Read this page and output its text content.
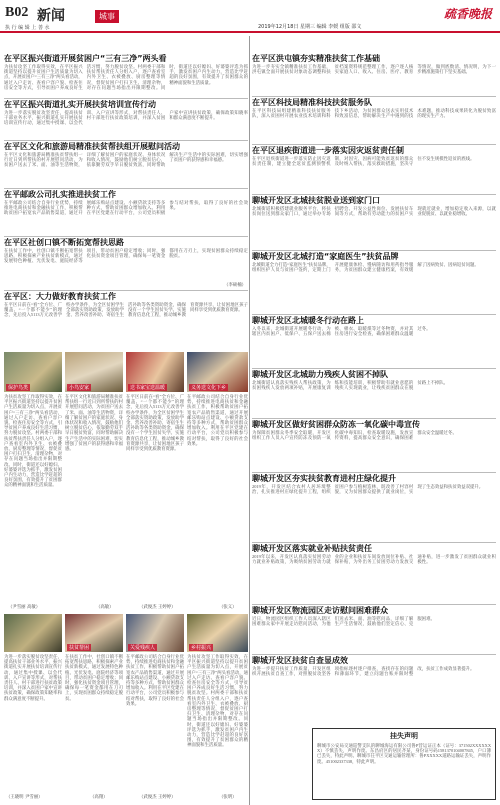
B02 新闻	城事
执 行 编 辑 上 善 水	2019年12月18日 星期三 编辑 李媛 组版 邵文
疏香晚报
在平区振兴街道开展贫困户“三有三净”两头看
为扶贫攻坚工作取得实效，在平区振兴街道坚持以提升贫困户生活质量为切入点，开展贫困户“三有三净”两头看活动，通过入户走访、查看户容户貌、检查住房安全等方式，引导贫困户养成良好生活习惯，努力脱贫攻坚。村两委干部和扶贫帮扶责任人分组入户，逐户查看室内外卫生、衣被叠放、厨房整理等情况，督促贫困户打扫卫生、清理杂物，对存在问题当场指出并限期整改。同时，街道还以好媳妇、好婆婆评选为抓手，激发贫困户内生动力，营造比学赶超的良好氛围，有效提升了贫困群众的精神面貌和生活质量。
在平区振兴街道扎实开展扶贫培训宣传行动
为进一步落实脱贫攻坚责任，提高扶贫干部业务水平，振兴街道扎实开展扶贫培训宣传行动，通过集中授课、以会代训、入户宣讲等形式，对帮扶责任人、村干部进行扶贫政策培训，并深入贫困户家中宣讲扶贫政策，确保政策知晓率和群众满意度不断提升。
在平区文化和旅游局精准扶贫帮扶组开展慰问活动
在平区文化和旅游局精准扶贫帮扶组一行近日到所帮扶的村开展慰问活动，为贫困户送去了米、面、油等生活物资，详细了解贫困户的家庭状况、身体状况和收入情况，鼓励他们树立脱贫信心，依靠勤劳双手早日脱贫致富，同时帮助解决生产生活中的实际困难，切实增强了贫困户的获得感和幸福感。
在平邮政公司扎实推进扶贫工作
在平邮政公司结合自身行业优势，持续推进电商扶贫和金融扶贫工作，积极帮助贫困户拓宽农产品销售渠道，通过开展邮乐购站点建设、小额贷款支持等多种方式，帮助贫困群众增加收入。利用在平区党建在行动平台，公司党员积极参与结对帮扶，取得了良好的社会效果。
在平区社创口镇不断拓宽帮扶思路
在扶贫工作中，社创口镇不断拓宽帮扶思路，积极探索产业扶贫新模式，通过发展特色种植、光伏发电、庭院经济等项目，带动贫困户稳定增收；同时，强化扶贫资金项目管理，确保每一笔资金都用在刀刃上，实现贫困群众持续稳定脱贫。
（李硕楠）
在平区：大力做好教育扶贫工作
在平区日前在“看”全方位、广覆盖、“一个都不能少”的理念，先后投入5113万元改善学校办学条件，为全区贫困学生全部落实资助政策，发放助学金、营养改善补助、寄宿生生活补助等各类资助资金，确保没有一个学生因贫失学。实施教育信息化工程，推动城乡教育资源共享，让贫困地区孩子同样享受到优质教育资源。
保护鸟类	小鸟安家	送书家宝送温暖	义务送文化下乡
为扶贫攻坚工作取得实效，在平区振兴街道坚持以提升贫困户生活质量为切入点，开展贫困户“三有三净”两头看活动，通过入户走访、查看户容户貌、检查住房安全等方式，引导贫困户养成良好生活习惯，努力脱贫攻坚。村两委干部和扶贫帮扶责任人分组入户，逐户查看室内外卫生、衣被叠放、厨房整理等情况，督促贫困户打扫卫生、清理杂物，对存在问题当场指出并限期整改。同时，街道还以好媳妇、好婆婆评选为抓手，激发贫困户内生动力，营造比学赶超的良好氛围，有效提升了贫困群众的精神面貌和生活质量。
在平区文化和旅游局精准扶贫帮扶组一行近日到所帮扶的村开展慰问活动，为贫困户送去了米、面、油等生活物资，详细了解贫困户的家庭状况、身体状况和收入情况，鼓励他们树立脱贫信心，依靠勤劳双手早日脱贫致富，同时帮助解决生产生活中的实际困难，切实增强了贫困户的获得感和幸福感。
在平区日前在“看”全方位、广覆盖、“一个都不能少”的理念，先后投入5113万元改善学校办学条件，为全区贫困学生全部落实资助政策，发放助学金、营养改善补助、寄宿生生活补助等各类资助资金，确保没有一个学生因贫失学。实施教育信息化工程，推动城乡教育资源共享，让贫困地区孩子同样享受到优质教育资源。
在平邮政公司结合自身行业优势，持续推进电商扶贫和金融扶贫工作，积极帮助贫困户拓宽农产品销售渠道，通过开展邮乐购站点建设、小额贷款支持等多种方式，帮助贫困群众增加收入。利用在平区党建在行动平台，公司党员积极参与结对帮扶，取得了良好的社会效果。
（尹雪丽 高敏）	（高敏）	（武俊杰 王婷婷）	（张义）
扶贫帮困	关爱残疾人	乡村振兴
为进一步落实脱贫攻坚责任，提高扶贫干部业务水平，振兴街道扎实开展扶贫培训宣传行动，通过集中授课、以会代训、入户宣讲等形式，对帮扶责任人、村干部进行扶贫政策培训，并深入贫困户家中宣讲扶贫政策，确保政策知晓率和群众满意度不断提升。
在扶贫工作中，社创口镇不断拓宽帮扶思路，积极探索产业扶贫新模式，通过发展特色种植、光伏发电、庭院经济等项目，带动贫困户稳定增收；同时，强化扶贫资金项目管理，确保每一笔资金都用在刀刃上，实现贫困群众持续稳定脱贫。
在平邮政公司结合自身行业优势，持续推进电商扶贫和金融扶贫工作，积极帮助贫困户拓宽农产品销售渠道，通过开展邮乐购站点建设、小额贷款支持等多种方式，帮助贫困群众增加收入。利用在平区党建在行动平台，公司党员积极参与结对帮扶，取得了良好的社会效果。
为扶贫攻坚工作取得实效，在平区振兴街道坚持以提升贫困户生活质量为切入点，开展贫困户“三有三净”两头看活动，通过入户走访、查看户容户貌、检查住房安全等方式，引导贫困户养成良好生活习惯，努力脱贫攻坚。村两委干部和扶贫帮扶责任人分组入户，逐户查看室内外卫生、衣被叠放、厨房整理等情况，督促贫困户打扫卫生、清理杂物，对存在问题当场指出并限期整改。同时，街道还以好媳妇、好婆婆评选为抓手，激发贫困户内生动力，营造比学赶超的良好氛围，有效提升了贫困群众的精神面貌和生活质量。
（王晓明 尹雪丽）	（高翔）	（武俊杰 王婷婷）	（张明）
在平区洪屯镇夯实精准扶贫工作基础
为进一步夯实全镇精准扶贫工作基础，洪屯镇全面开展扶贫对象动态调整和扶贫档案资料规范整理工作，逐户逐人核实家庭人口、收入、住房、医疗、教育等情况，做到底数清、情况明，为下一步精准施策打下坚实基础。
在平区科技局精准科技扶贫服务队
在平区科技局组建精准科技扶贫服务队，深入贫困村开展农业技术培训和科技下乡活动，为贫困群众送去实用技术和致富信息，帮助解决生产中遇到的技术难题，推动科技成果转化为脱贫致富的现实生产力。
在平区退疾街道进一步落实因灾返贫责任制
在平区退疾街道进一步落实防止因灾返贫责任制，建立健全返贫监测预警机制，对因灾、因病可能致贫返贫的群众及时纳入帮扶，落实救助措施，坚决守住不发生规模性返贫的底线。
聊城开发区北城扶贫脱业送到家门口
北城街道积极搭建就业服务平台，将扶贫岗位送到群众家门口，通过举办专场招聘会、开发公益性岗位、发展扶贫车间等方式，帮助有劳动能力的贫困户实现就近就业，增加稳定收入来源，以就业促脱贫、以就业稳增收。
聊城开发区北城打造“家庭医生”扶贫品牌
北城街道全力打造“家庭医生”扶贫品牌，组织医护人员与贫困户签约，定期上门开展健康体检、慢病随访和用药指导服务，为贫困群众建立健康档案，有效缓解了因病致贫、因病返贫问题。
聊城开发区北城暖冬行动在路上
入冬以来，北城街道开展暖冬行动，为辖区内贫困户、低保户、五保户送去棉被、棉衣、取暖煤等过冬物资，并对其住房进行安全检查，确保困难群众温暖过冬。
聊城开发区北城助力残疾人贫困不掉队
北城街道认真落实残疾人帮扶政策，为贫困残疾人发放两项补贴，开展康复训练和技能培训，积极帮助有就业意愿的残疾人实现就业，让残疾贫困群众在脱贫路上不掉队。
聊城开发区做好贫困群众防冻一氧化碳中毒宣传
为保障贫困群众冬季安全取暖，开发区组织工作人员入户宣传防冻及预防一氧化碳中毒知识，检查取暖设施，发放宣传资料，提高群众安全意识，确保困难群众安全温暖过冬。
聊城开发区夯实扶贫教育进村庄绿化提升
2019年，开发区结合农村人居环境整治，扎实推进村庄绿化提升工程，组织贫困户参与植树造林，既改善了村容村貌，又为贫困群众提供了就业岗位，实现了生态效益和扶贫效益双提升。
聊城开发区落实就业补贴扶贫责任
2019年以来，开发区认真落实贫困劳动力就业补贴政策，为吸纳贫困劳动力就业的企业和扶贫车间发放岗位补贴、社保补贴，为外出务工贫困劳动力发放交通补贴，进一步激发了贫困群众就业积极性。
聊城开发区物流园区走访慰问困难群众
近日，物流园区组织工作人员深入辖区困难群众家中开展走访慰问活动，为他们送去米、面、油等慰问品，详细了解生产生活情况，鼓励他们坚定信心、克服困难。
聊城开发区扶贫自查显成效
为进一步提升扶贫工作质量，开发区组织开展扶贫自查工作，对照脱贫攻坚各项指标逐村逐户排查，查找存在的问题和薄弱环节，建立问题台账并限时整改，扶贫工作成效显著提升。
挂失声明
聊城市公安局交通巡警支队的聊城海运有限公司鲁P营运证正本（证号：371502XXXXXXX）不慎丢失，声明作废。东昌府区的居民齐某，身份证号码1581370104007845，户口簿已丢失，特此声明。聊城市茌平区交通运输管理所：鲁PXXXXX道路运输证丢失，声明作废。451002337338，特此声明。
